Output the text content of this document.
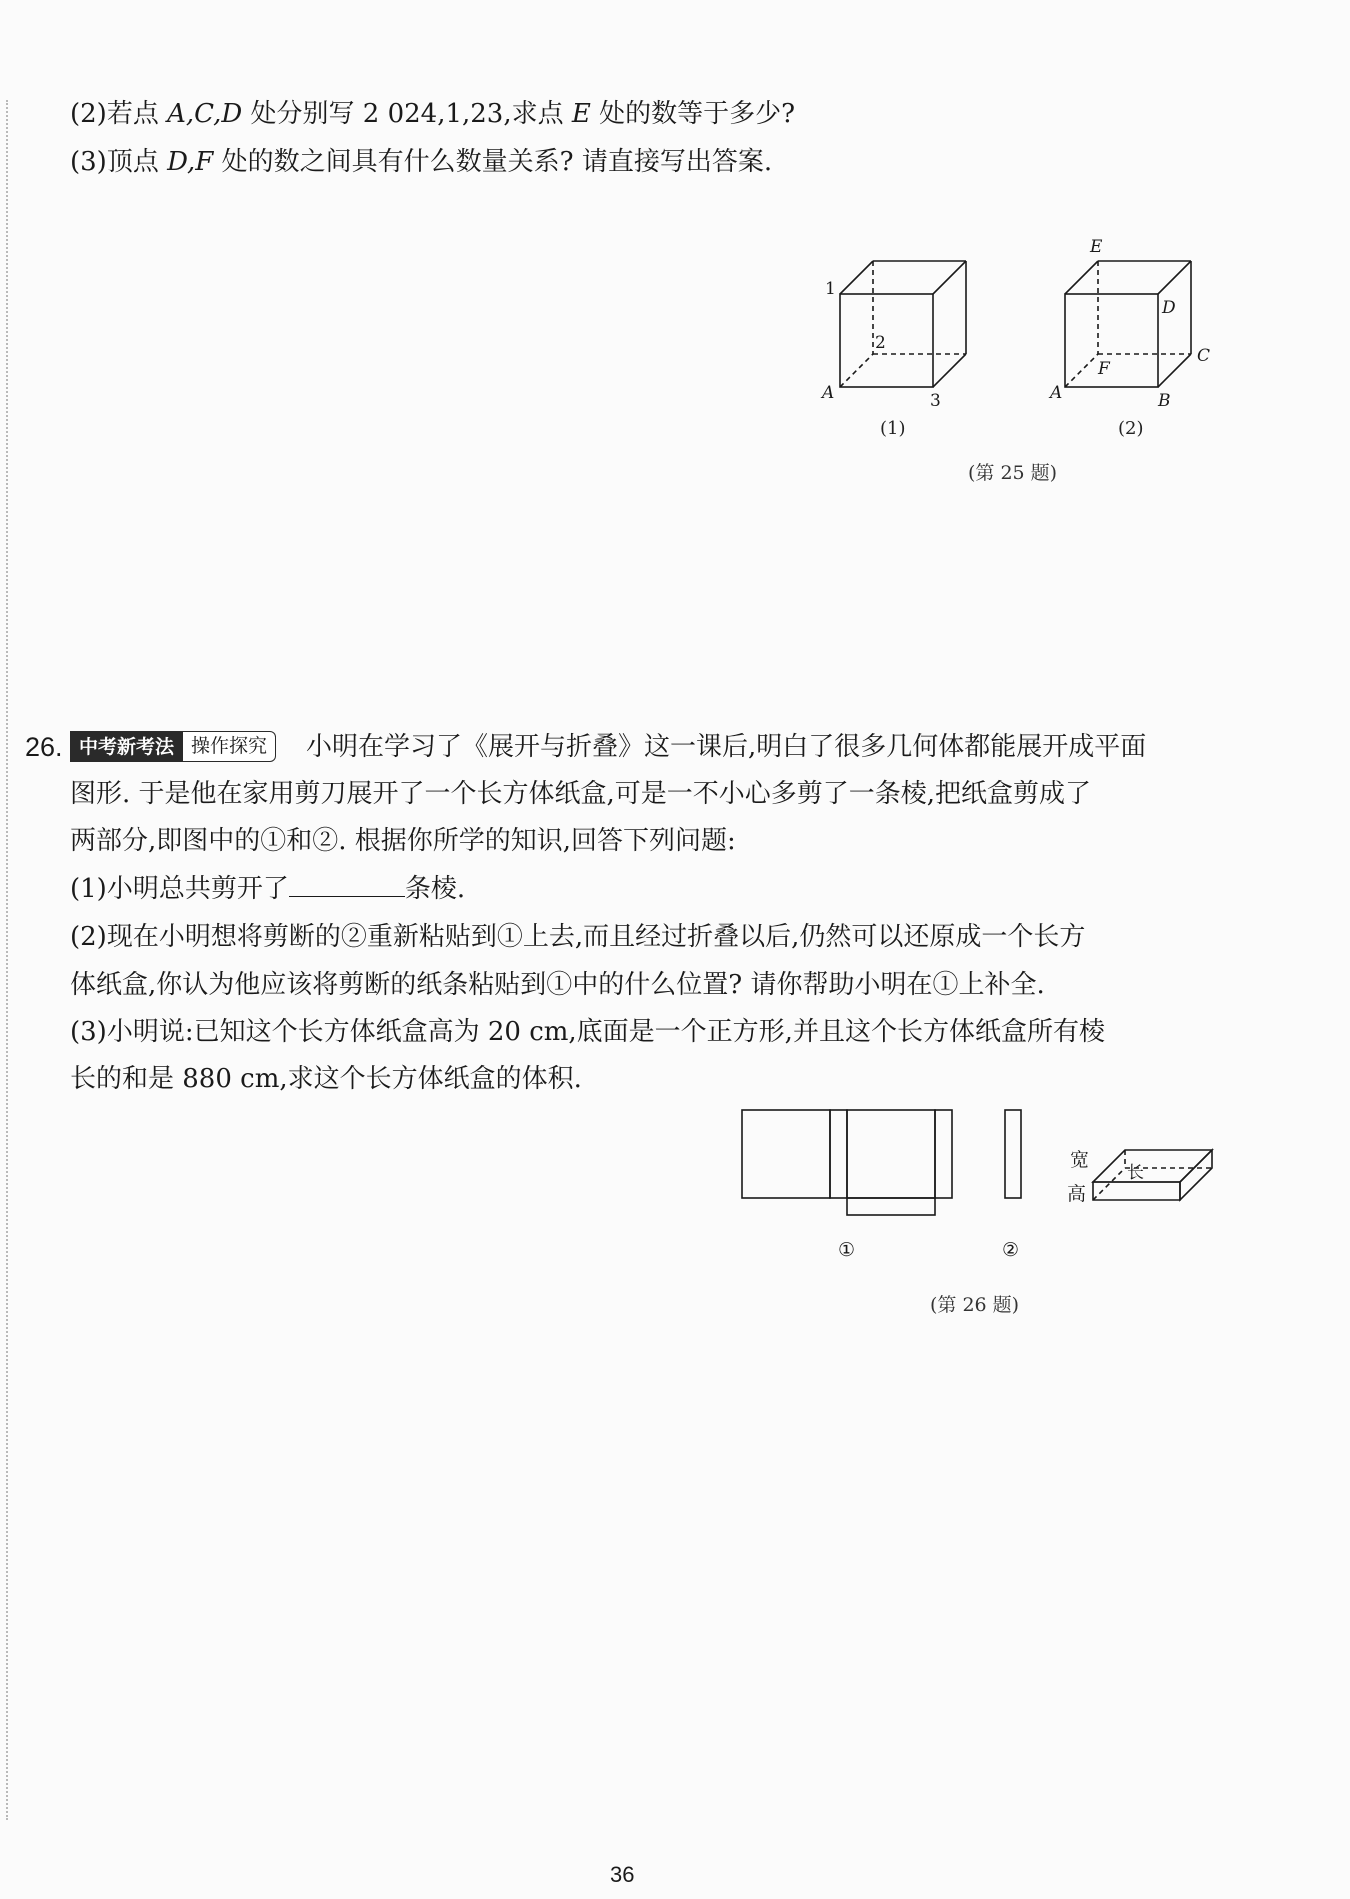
(2)若点 A,C,D 处分别写 2 024,1,23,求点 E 处的数等于多少?
(3)顶点 D,F 处的数之间具有什么数量关系? 请直接写出答案.
1
2
A	3
E
D
C
F
A	B
(1)	(2)
(第 25 题)
26. 中考新考法 操作探究	小明在学习了《展开与折叠》这一课后,明白了很多几何体都能展开成平面
图形. 于是他在家用剪刀展开了一个长方体纸盒,可是一不小心多剪了一条棱,把纸盒剪成了
两部分,即图中的①和②. 根据你所学的知识,回答下列问题:
(1)小明总共剪开了	条棱.
(2)现在小明想将剪断的②重新粘贴到①上去,而且经过折叠以后,仍然可以还原成一个长方
体纸盒,你认为他应该将剪断的纸条粘贴到①中的什么位置? 请你帮助小明在①上补全.
(3)小明说:已知这个长方体纸盒高为 20 cm,底面是一个正方形,并且这个长方体纸盒所有棱
长的和是 880 cm,求这个长方体纸盒的体积.
①	②
宽
高
长
(第 26 题)
36
